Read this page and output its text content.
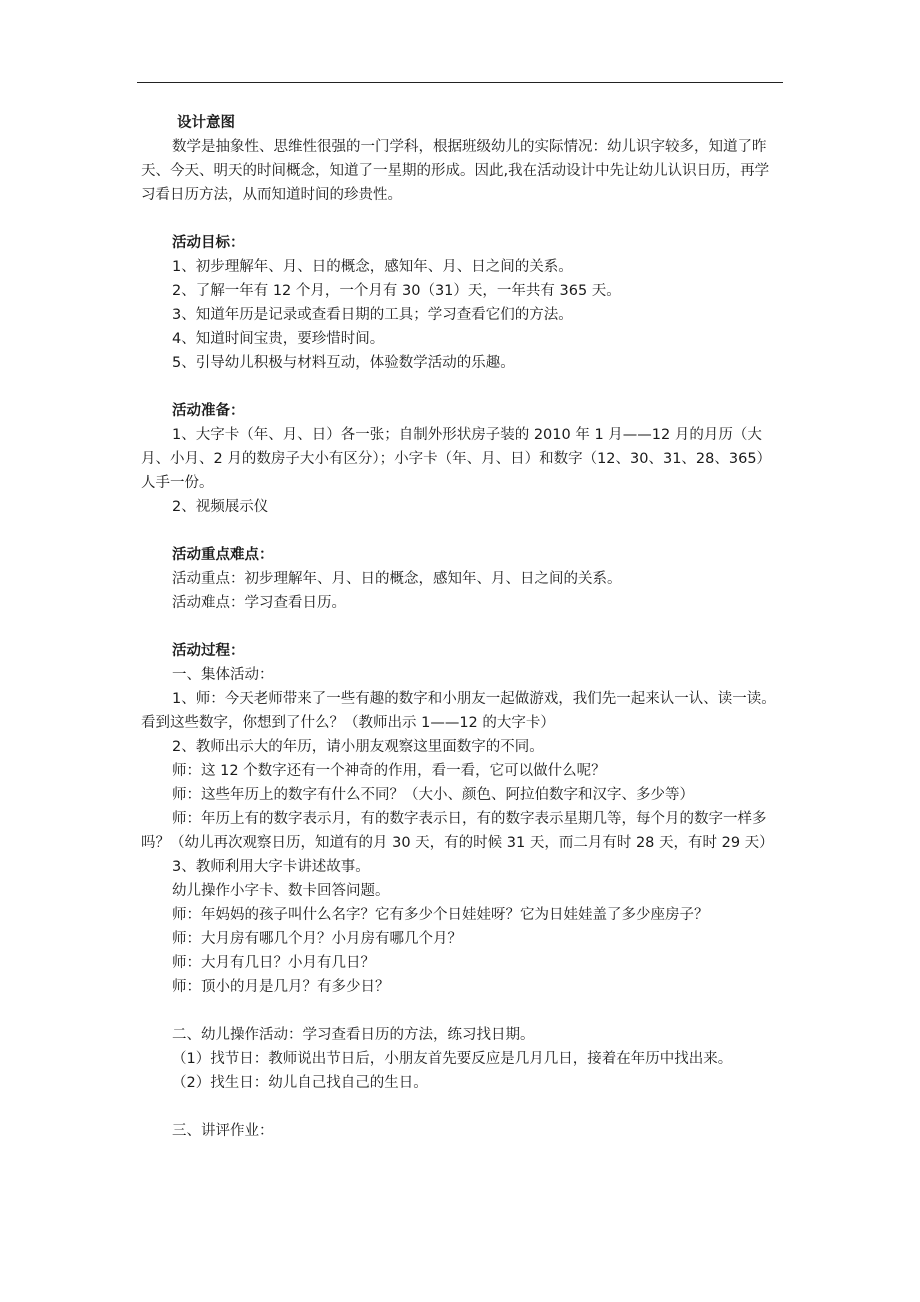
设计意图

数学是抽象性、思维性很强的一门学科，根据班级幼儿的实际情况：幼儿识字较多，知道了昨天、今天、明天的时间概念，知道了一星期的形成。因此,我在活动设计中先让幼儿认识日历，再学习看日历方法，从而知道时间的珍贵性。

活动目标：

1、初步理解年、月、日的概念，感知年、月、日之间的关系。

2、了解一年有 12 个月，一个月有 30（31）天，一年共有 365 天。

3、知道年历是记录或查看日期的工具；学习查看它们的方法。

4、知道时间宝贵，要珍惜时间。

5、引导幼儿积极与材料互动，体验数学活动的乐趣。

活动准备：

1、大字卡（年、月、日）各一张；自制外形状房子装的 2010 年 1 月——12 月的月历（大月、小月、2 月的数房子大小有区分）；小字卡（年、月、日）和数字（12、30、31、28、365）人手一份。

2、视频展示仪

活动重点难点：

活动重点：初步理解年、月、日的概念，感知年、月、日之间的关系。

活动难点：学习查看日历。

活动过程：

一、集体活动：

1、师：今天老师带来了一些有趣的数字和小朋友一起做游戏，我们先一起来认一认、读一读。看到这些数字，你想到了什么？（教师出示 1——12 的大字卡）

2、教师出示大的年历，请小朋友观察这里面数字的不同。

师：这 12 个数字还有一个神奇的作用，看一看，它可以做什么呢？

师：这些年历上的数字有什么不同？（大小、颜色、阿拉伯数字和汉字、多少等）

师：年历上有的数字表示月，有的数字表示日，有的数字表示星期几等，每个月的数字一样多吗？（幼儿再次观察日历，知道有的月 30 天，有的时候 31 天，而二月有时 28 天，有时 29 天）

3、教师利用大字卡讲述故事。

幼儿操作小字卡、数卡回答问题。

师：年妈妈的孩子叫什么名字？它有多少个日娃娃呀？它为日娃娃盖了多少座房子？

师：大月房有哪几个月？小月房有哪几个月？

师：大月有几日？小月有几日？

师：顶小的月是几月？有多少日？

二、幼儿操作活动：学习查看日历的方法，练习找日期。

（1）找节日：教师说出节日后，小朋友首先要反应是几月几日，接着在年历中找出来。

（2）找生日：幼儿自己找自己的生日。

三、讲评作业：
